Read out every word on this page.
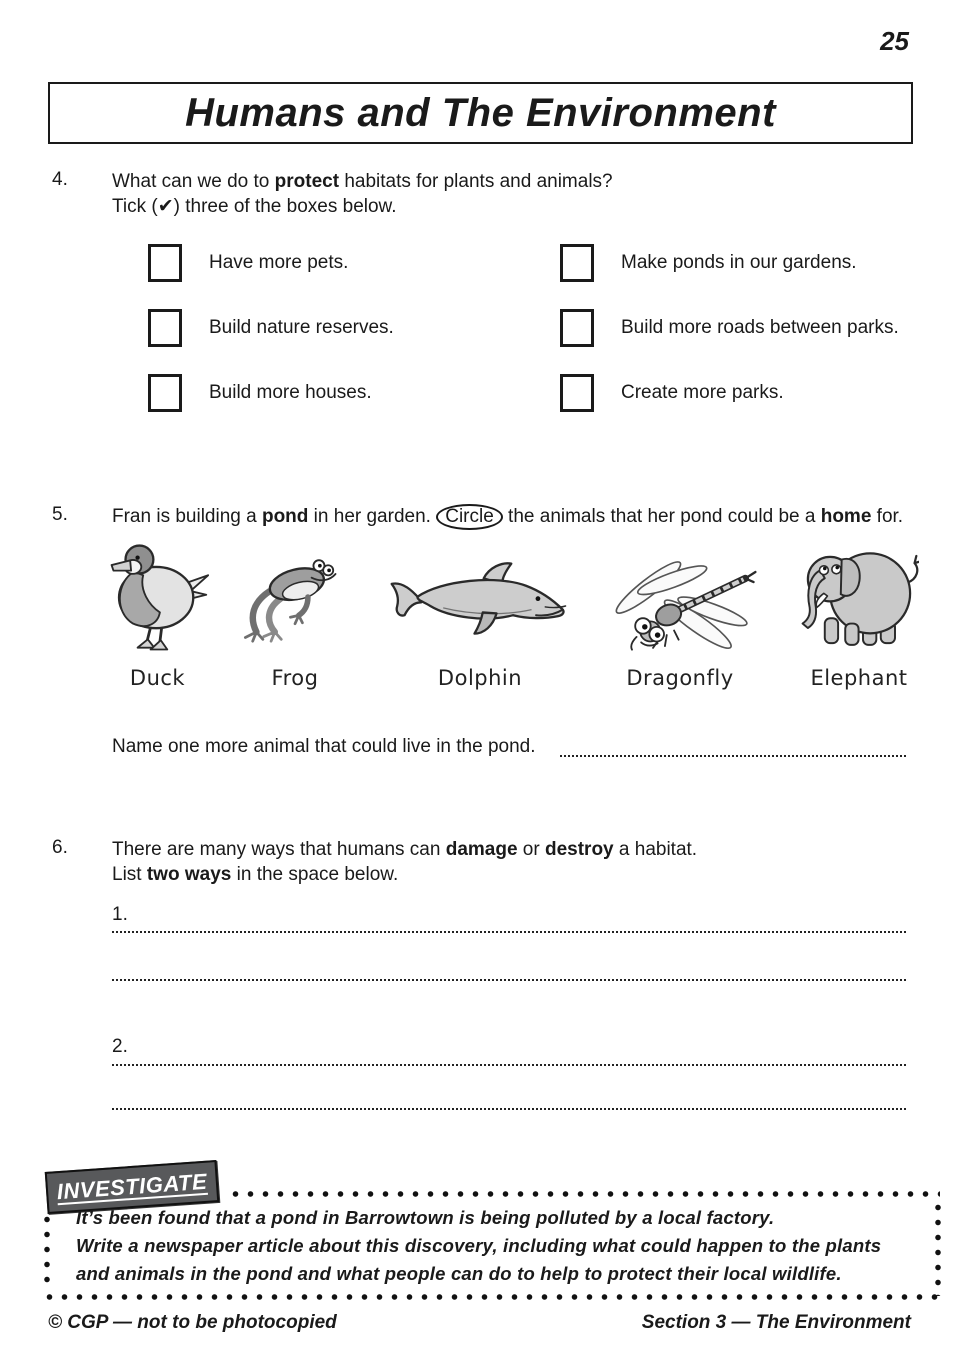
25
Humans and The Environment
4. What can we do to protect habitats for plants and animals?
Tick (✔) three of the boxes below.
Have more pets.	Make ponds in our gardens.
Build nature reserves.	Build more roads between parks.
Build more houses.	Create more parks.
5. Fran is building a pond in her garden. Circle the animals that her pond could be a home for.
Duck	Frog	Dolphin	Dragonfly	Elephant
Name one more animal that could live in the pond.
6. There are many ways that humans can damage or destroy a habitat.
List two ways in the space below.
1.
2.
INVESTIGATE
It’s been found that a pond in Barrowtown is being polluted by a local factory.
Write a newspaper article about this discovery, including what could happen to the plants
and animals in the pond and what people can do to help to protect their local wildlife.
© CGP — not to be photocopied	Section 3 — The Environment
